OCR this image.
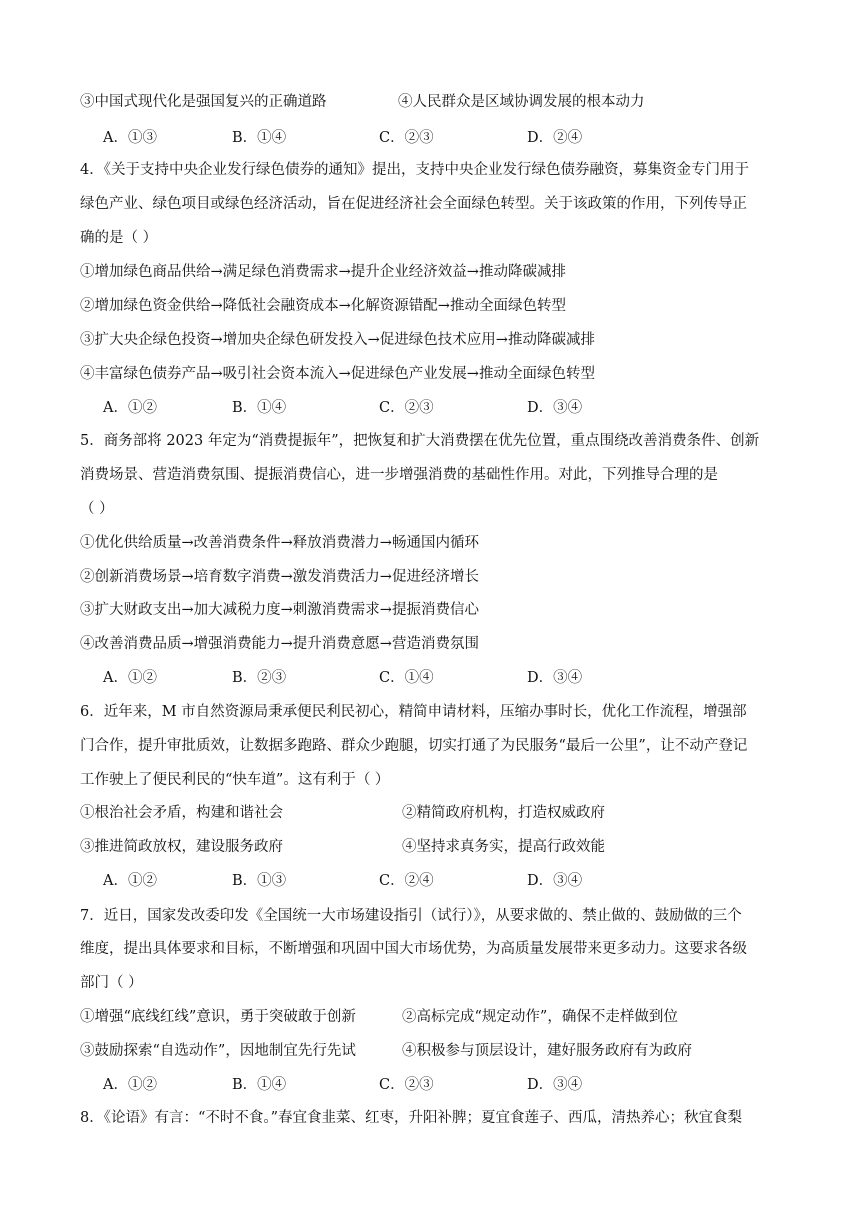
③中国式现代化是强国复兴的正确道路	④人民群众是区域协调发展的根本动力
A．①③	B．①④	C．②③	D．②④
4．《关于支持中央企业发行绿色债券的通知》提出，支持中央企业发行绿色债券融资，募集资金专门用于
绿色产业、绿色项目或绿色经济活动，旨在促进经济社会全面绿色转型。关于该政策的作用，下列传导正
确的是（ ）
①增加绿色商品供给→满足绿色消费需求→提升企业经济效益→推动降碳减排
②增加绿色资金供给→降低社会融资成本→化解资源错配→推动全面绿色转型
③扩大央企绿色投资→增加央企绿色研发投入→促进绿色技术应用→推动降碳减排
④丰富绿色债券产品→吸引社会资本流入→促进绿色产业发展→推动全面绿色转型
A．①②	B．①④	C．②③	D．③④
5．商务部将 2023 年定为“消费提振年”，把恢复和扩大消费摆在优先位置，重点围绕改善消费条件、创新
消费场景、营造消费氛围、提振消费信心，进一步增强消费的基础性作用。对此，下列推导合理的是
（ ）
①优化供给质量→改善消费条件→释放消费潜力→畅通国内循环
②创新消费场景→培育数字消费→激发消费活力→促进经济增长
③扩大财政支出→加大减税力度→刺激消费需求→提振消费信心
④改善消费品质→增强消费能力→提升消费意愿→营造消费氛围
A．①②	B．②③	C．①④	D．③④
6．近年来，M 市自然资源局秉承便民利民初心，精简申请材料，压缩办事时长，优化工作流程，增强部
门合作，提升审批质效，让数据多跑路、群众少跑腿，切实打通了为民服务“最后一公里”，让不动产登记
工作驶上了便民利民的“快车道”。这有利于（ ）
①根治社会矛盾，构建和谐社会	②精简政府机构，打造权威政府
③推进简政放权，建设服务政府	④坚持求真务实，提高行政效能
A．①②	B．①③	C．②④	D．③④
7．近日，国家发改委印发《全国统一大市场建设指引（试行）》，从要求做的、禁止做的、鼓励做的三个
维度，提出具体要求和目标，不断增强和巩固中国大市场优势，为高质量发展带来更多动力。这要求各级
部门（ ）
①增强“底线红线”意识，勇于突破敢于创新	②高标完成“规定动作”，确保不走样做到位
③鼓励探索“自选动作”，因地制宜先行先试	④积极参与顶层设计，建好服务政府有为政府
A．①②	B．①④	C．②③	D．③④
8．《论语》有言：“不时不食。”春宜食韭菜、红枣，升阳补脾；夏宜食莲子、西瓜，清热养心；秋宜食梨
